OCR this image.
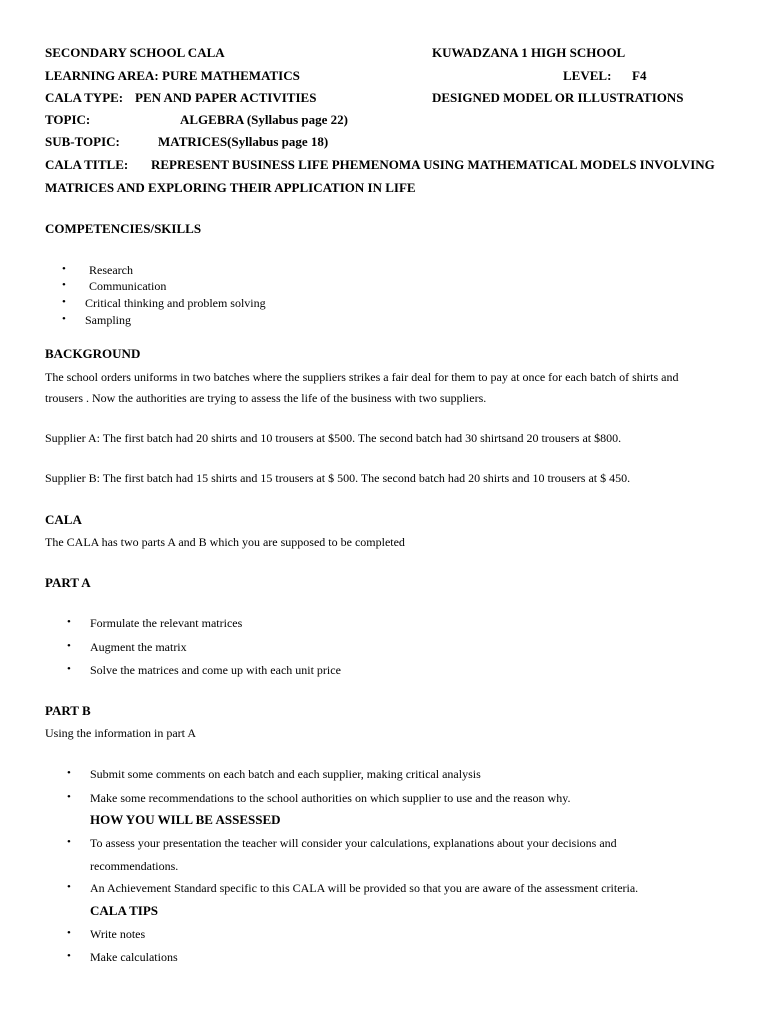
SECONDARY SCHOOL CALA	KUWADZANA 1 HIGH SCHOOL
LEARNING AREA: PURE MATHEMATICS	LEVEL: F4
CALA TYPE: PEN AND PAPER ACTIVITIES	DESIGNED MODEL OR ILLUSTRATIONS
TOPIC:	ALGEBRA (Syllabus page 22)
SUB-TOPIC:	MATRICES(Syllabus page 18)
CALA TITLE: REPRESENT BUSINESS LIFE PHEMENOMA USING MATHEMATICAL MODELS INVOLVING
MATRICES AND EXPLORING THEIR APPLICATION IN LIFE
COMPETENCIES/SKILLS
• Research
• Communication
• Critical thinking and problem solving
• Sampling
BACKGROUND
The school orders uniforms in two batches where the suppliers strikes a fair deal for them to pay at once for each batch of shirts and
trousers . Now the authorities are trying to assess the life of the business with two suppliers.
Supplier A: The first batch had 20 shirts and 10 trousers at $500. The second batch had 30 shirtsand 20 trousers at $800.
Supplier B: The first batch had 15 shirts and 15 trousers at $ 500. The second batch had 20 shirts and 10 trousers at $ 450.
CALA
The CALA has two parts A and B which you are supposed to be completed
PART A
• Formulate the relevant matrices
• Augment the matrix
• Solve the matrices and come up with each unit price
PART B
Using the information in part A
• Submit some comments on each batch and each supplier, making critical analysis
• Make some recommendations to the school authorities on which supplier to use and the reason why.
HOW YOU WILL BE ASSESSED
• To assess your presentation the teacher will consider your calculations, explanations about your decisions and
recommendations.
• An Achievement Standard specific to this CALA will be provided so that you are aware of the assessment criteria.
CALA TIPS
• Write notes
• Make calculations
